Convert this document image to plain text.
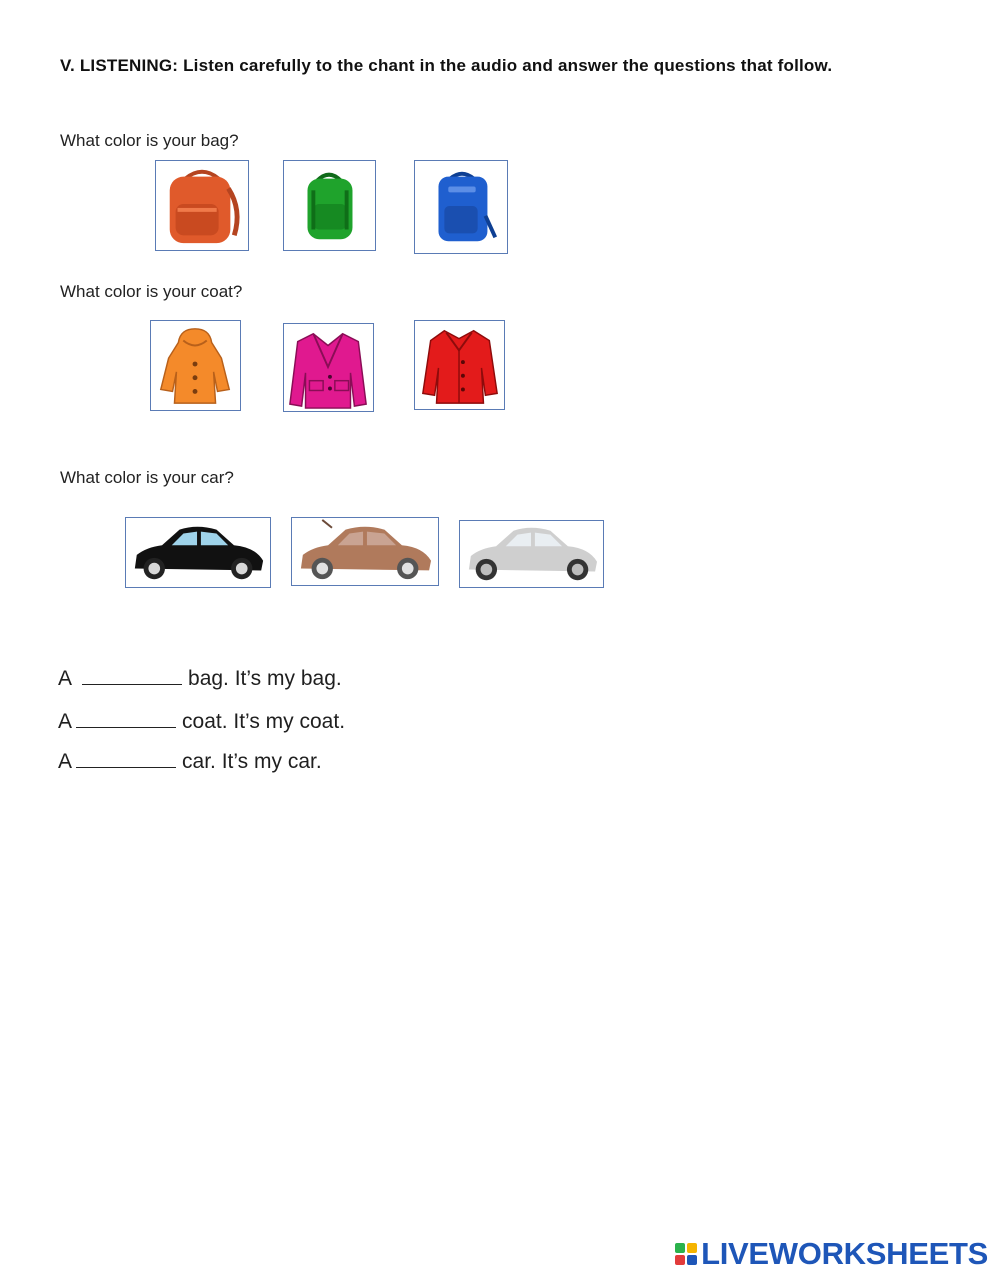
V. LISTENING: Listen carefully to the chant in the audio and answer the questions that follow.
What color is your bag?
What color is your coat?
What color is your car?
A	bag. It’s my bag.
A	coat. It’s my coat.
A	car. It’s my car.
LIVEWORKSHEETS
